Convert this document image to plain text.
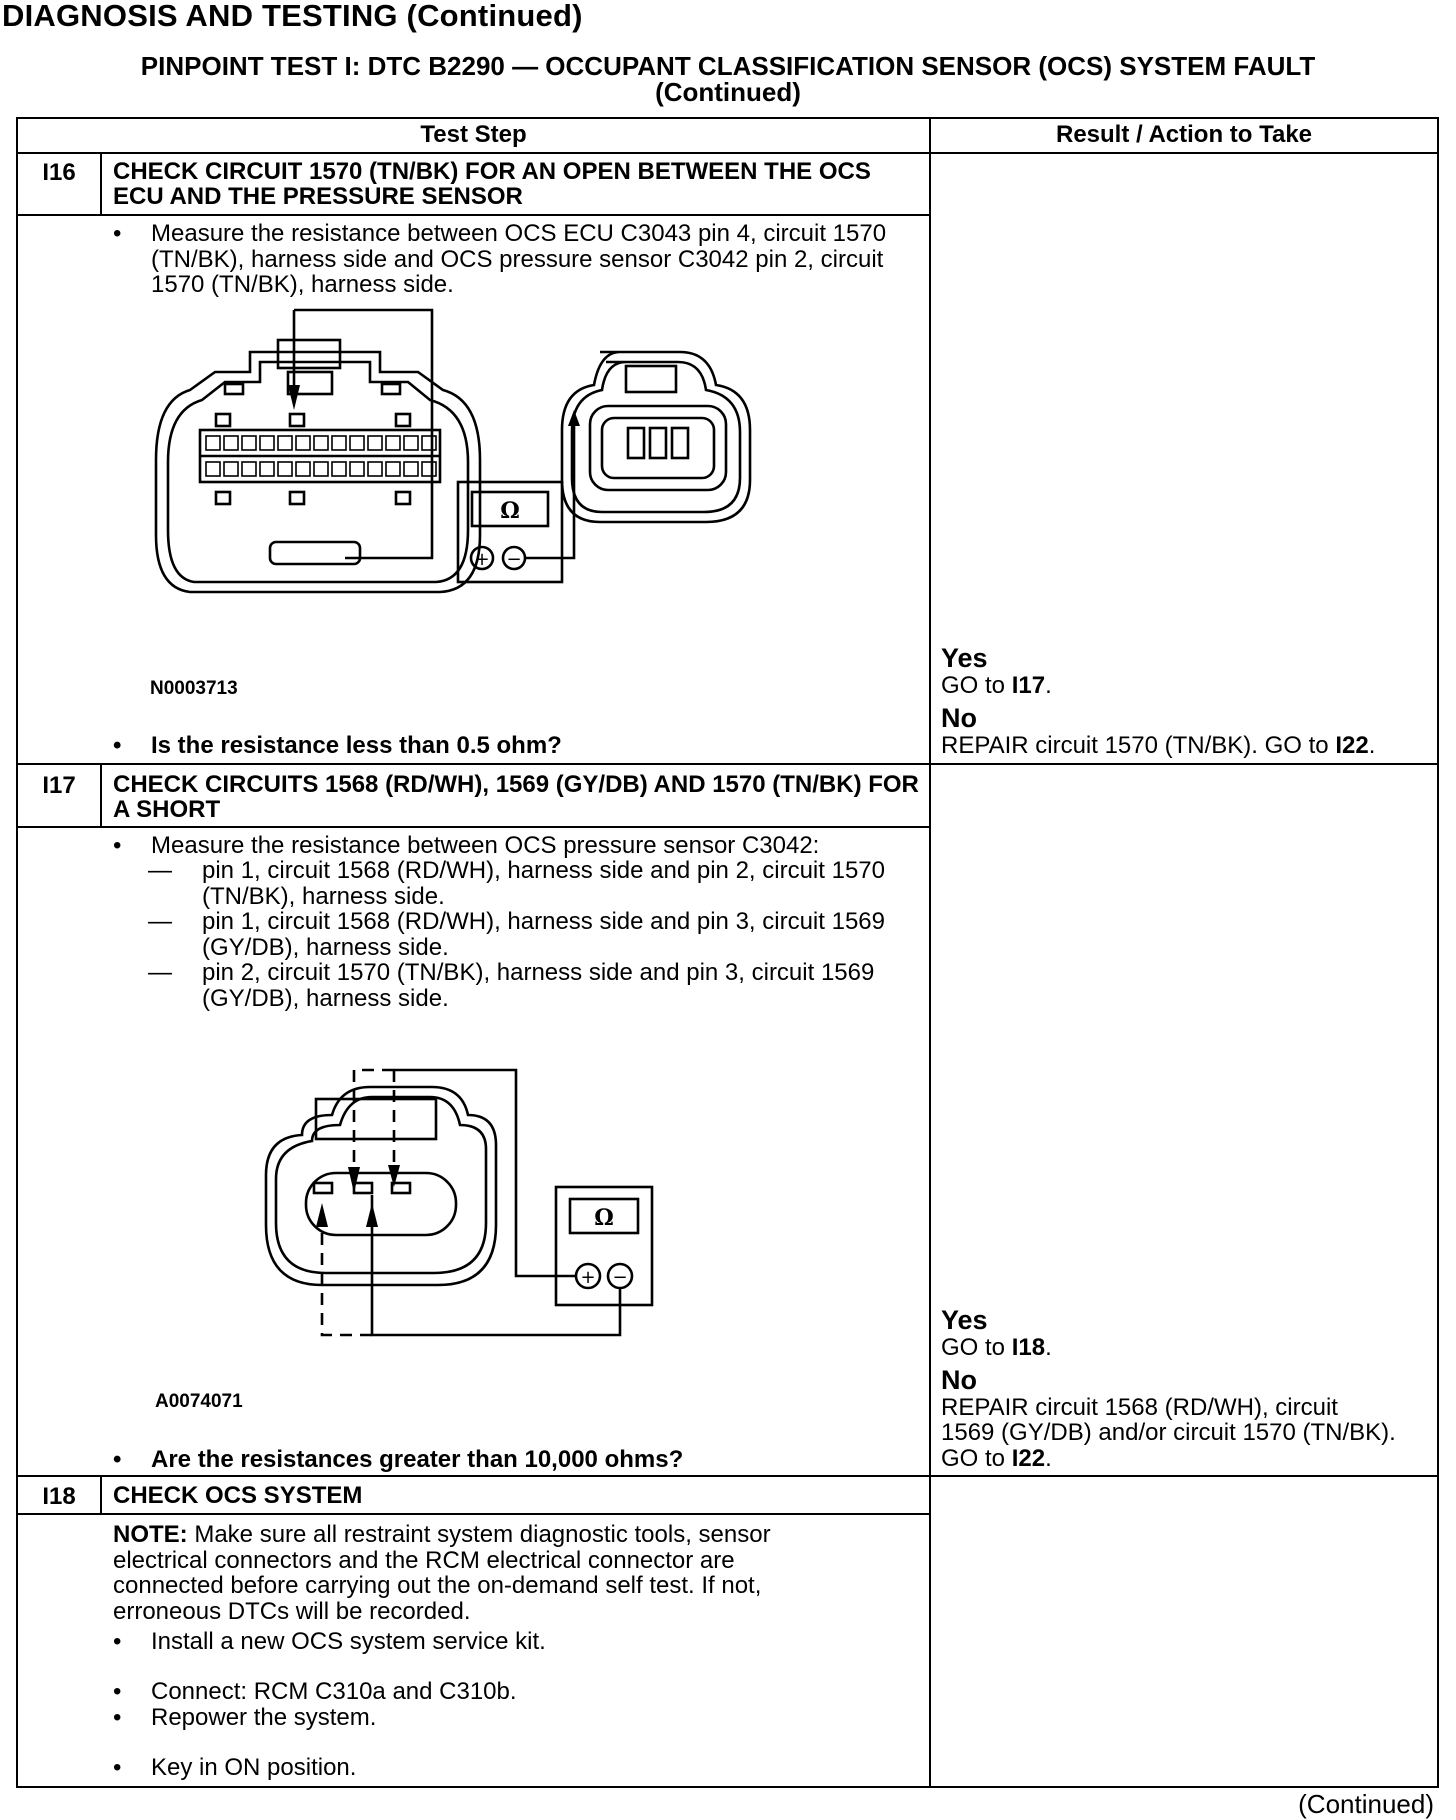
DIAGNOSIS AND TESTING (Continued)
PINPOINT TEST I: DTC B2290 — OCCUPANT CLASSIFICATION SENSOR (OCS) SYSTEM FAULT
(Continued)
Test Step	Result / Action to Take
I16	CHECK CIRCUIT 1570 (TN/BK) FOR AN OPEN BETWEEN THE OCS ECU AND THE PRESSURE SENSOR
• Measure the resistance between OCS ECU C3043 pin 4, circuit 1570 (TN/BK), harness side and OCS pressure sensor C3042 pin 2, circuit 1570 (TN/BK), harness side.
Ω
+ −
N0003713
• Is the resistance less than 0.5 ohm?
Yes
GO to I17.
No
REPAIR circuit 1570 (TN/BK). GO to I22.
I17	CHECK CIRCUITS 1568 (RD/WH), 1569 (GY/DB) AND 1570 (TN/BK) FOR A SHORT
• Measure the resistance between OCS pressure sensor C3042:
— pin 1, circuit 1568 (RD/WH), harness side and pin 2, circuit 1570 (TN/BK), harness side.
— pin 1, circuit 1568 (RD/WH), harness side and pin 3, circuit 1569 (GY/DB), harness side.
— pin 2, circuit 1570 (TN/BK), harness side and pin 3, circuit 1569 (GY/DB), harness side.
Ω
+ −
A0074071
• Are the resistances greater than 10,000 ohms?
Yes
GO to I18.
No
REPAIR circuit 1568 (RD/WH), circuit
1569 (GY/DB) and/or circuit 1570 (TN/BK).
GO to I22.
I18	CHECK OCS SYSTEM
NOTE: Make sure all restraint system diagnostic tools, sensor electrical connectors and the RCM electrical connector are connected before carrying out the on-demand self test. If not, erroneous DTCs will be recorded.
• Install a new OCS system service kit.
• Connect: RCM C310a and C310b.
• Repower the system.
• Key in ON position.
(Continued)
